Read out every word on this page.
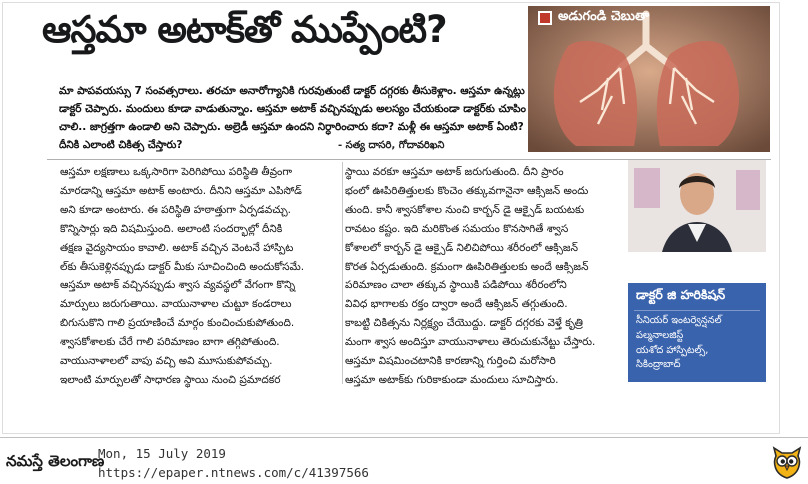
ఆస్తమా అటాక్‌తో ముప్పేంటి?	అడుగండి చెబుతా
మా పాపవయస్సు 7 సంవత్సరాలు. తరచూ అనారోగ్యానికి గురవుతుంటే డాక్టర్ దగ్గరకు తీసుకెళ్లాం. ఆస్తమా ఉన్నట్లు
డాక్టర్ చెప్పారు. మందులు కూడా వాడుతున్నాం. ఆస్తమా అటాక్ వచ్చినప్పుడు అలస్యం చేయకుండా డాక్టర్‌కు చూపిం
చాలి.. జాగ్రత్తగా ఉండాలి అని చెప్పారు. అల్రెడీ ఆస్తమా ఉందని నిర్ధారించారు కదా? మళ్లీ ఈ ఆస్తమా అటాక్ ఏంటి?
దీనికి ఎలాంటి చికిత్స చేస్తారు?	- సత్య దాసరి, గోదావరిఖని
ఆస్తమా లక్షణాలు ఒక్కసారిగా పెరిగిపోయి పరిస్థితి తీవ్రంగా
మారడాన్ని ఆస్తమా అటాక్ అంటారు. దీనిని ఆస్తమా ఎపిసోడ్
అని కూడా అంటారు. ఈ పరిస్థితి హఠాత్తుగా ఏర్పడవచ్చు.
కొన్నిసార్లు ఇది విషమిస్తుంది. అలాంటి సందర్భాల్లో దీనికి
తక్షణ వైద్యసాయం కావాలి. అటాక్ వచ్చిన వెంటనే హాస్పిట
ల్‌కు తీసుకెళ్లినప్పుడు డాక్టర్ మీకు సూచించింది అందుకోసమే.
ఆస్తమా అటాక్ వచ్చినప్పుడు శ్వాస వ్యవస్థలో వేగంగా కొన్ని
మార్పులు జరుగుతాయి. వాయునాళాల చుట్టూ కండరాలు
బిగుసుకొని గాలి ప్రయాణించే మార్గం కుంచించుకుపోతుంది.
శ్వాసకోశాలకు చేరే గాలి పరిమాణం బాగా తగ్గిపోతుంది.
వాయునాళాలలో వాపు వచ్చి అవి మూసుకుపోవచ్చు.
ఇలాంటి మార్పులతో సాధారణ స్థాయి నుంచి ప్రమాదకర
స్థాయి వరకూ ఆస్తమా అటాక్ జరుగుతుంది. దీని ప్రారం
భంలో ఊపిరితిత్తులకు కొంచెం తక్కువగానైనా ఆక్సిజన్ అందు
తుంది. కానీ శ్వాసకోశాల నుంచి కార్బన్ డై ఆక్సైడ్ బయటకు
రావటం కష్టం. ఇది మరికొంత సమయం కొనసాగితే శ్వాస
కోశాలలో కార్బన్ డై ఆక్సైడ్ నిలిచిపోయి శరీరంలో ఆక్సిజన్
కొరత ఏర్పడుతుంది. క్రమంగా ఊపిరితిత్తులకు అందే ఆక్సిజన్
పరిమాణం చాలా తక్కువ స్థాయికి పడిపోయి శరీరంలోని
వివిధ భాగాలకు రక్తం ద్వారా అందే ఆక్సిజన్ తగ్గుతుంది.
కాబట్టి చికిత్సను నిర్లక్ష్యం చేయొద్దు. డాక్టర్ దగ్గరకు వెళ్తే కృత్రి
మంగా శ్వాస అందిస్తూ వాయునాళాలు తెరుచుకునేట్టు చేస్తారు.
ఆస్తమా విషమించటానికి కారణాన్ని గుర్తించి మరోసారి
ఆస్తమా అటాక్‌కు గురికాకుండా మందులు సూచిస్తారు.
డాక్టర్ జి హరికిషన్
సీనియర్ ఇంటర్వెన్షనల్
పల్మనాలజిస్ట్
యశోద హాస్పిటల్స్,
సికింద్రాబాద్
నమస్తే తెలంగాణ
Mon, 15 July 2019
https://epaper.ntnews.com/c/41397566
